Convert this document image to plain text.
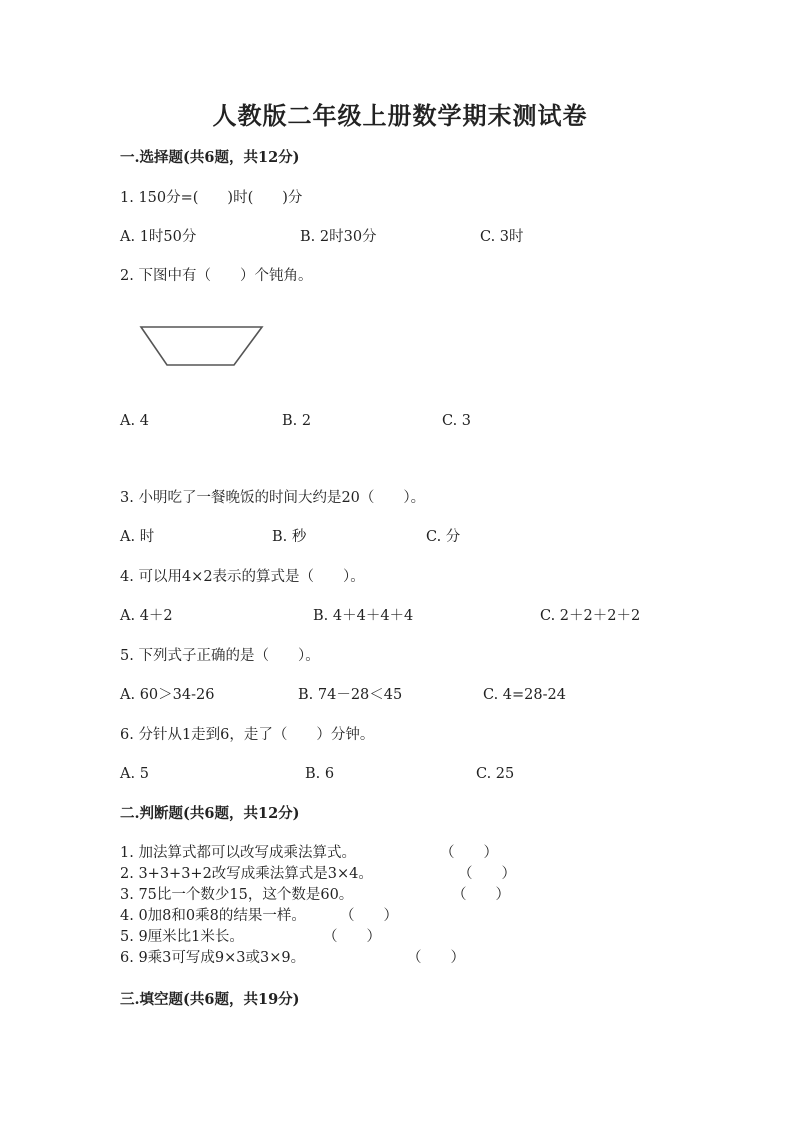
人教版二年级上册数学期末测试卷
一.选择题(共6题，共12分)
1. 150分=(　　)时(　　)分
A. 1时50分	B. 2时30分	C. 3时
2. 下图中有（　　）个钝角。
A. 4	B. 2	C. 3
3. 小明吃了一餐晚饭的时间大约是20（　　）。
A. 时	B. 秒	C. 分
4. 可以用4×2表示的算式是（　　）。
A. 4＋2	B. 4＋4＋4＋4	C. 2＋2＋2＋2
5. 下列式子正确的是（　　）。
A. 60＞34-26	B. 74－28＜45	C. 4=28-24
6. 分针从1走到6，走了（　　）分钟。
A. 5	B. 6	C. 25
二.判断题(共6题，共12分)
1. 加法算式都可以改写成乘法算式。	（　　）
2. 3+3+3+2改写成乘法算式是3×4。	（　　）
3. 75比一个数少15，这个数是60。	（　　）
4. 0加8和0乘8的结果一样。 （　　）
5. 9厘米比1米长。	（　　）
6. 9乘3可写成9×3或3×9。	（　　）
三.填空题(共6题，共19分)
